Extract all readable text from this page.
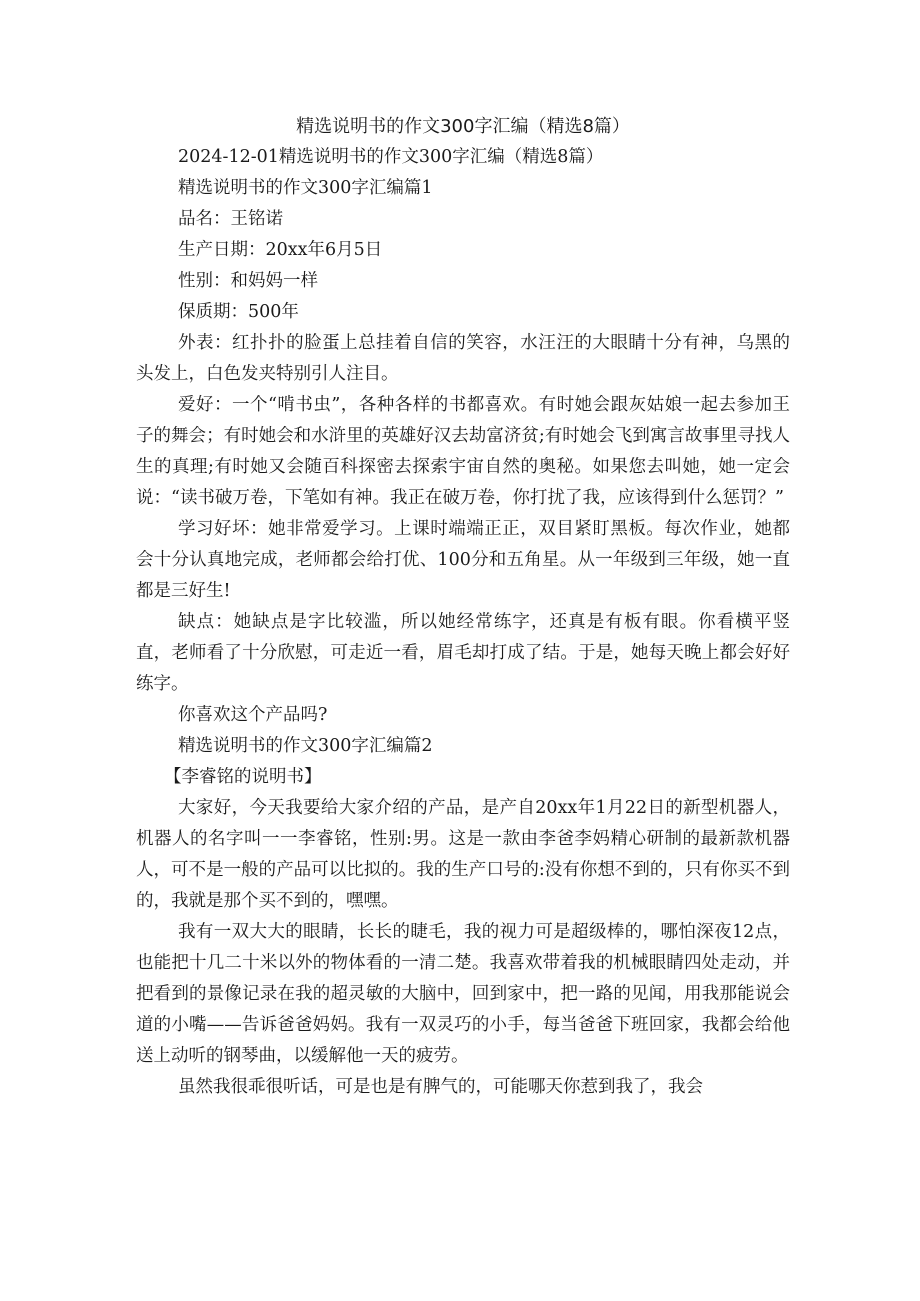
精选说明书的作文300字汇编（精选8篇）

2024-12-01精选说明书的作文300字汇编（精选8篇）

精选说明书的作文300字汇编篇1

品名：王铭诺

生产日期：20xx年6月5日

性别：和妈妈一样

保质期：500年

外表：红扑扑的脸蛋上总挂着自信的笑容，水汪汪的大眼睛十分有神，乌黑的头发上，白色发夹特别引人注目。

爱好：一个“啃书虫”，各种各样的书都喜欢。有时她会跟灰姑娘一起去参加王子的舞会；有时她会和水浒里的英雄好汉去劫富济贫;有时她会飞到寓言故事里寻找人生的真理;有时她又会随百科探密去探索宇宙自然的奥秘。如果您去叫她，她一定会说：“读书破万卷，下笔如有神。我正在破万卷，你打扰了我，应该得到什么惩罚？”

学习好坏：她非常爱学习。上课时端端正正，双目紧盯黑板。每次作业，她都会十分认真地完成，老师都会给打优、100分和五角星。从一年级到三年级，她一直都是三好生!

缺点：她缺点是字比较滥，所以她经常练字，还真是有板有眼。你看横平竖直，老师看了十分欣慰，可走近一看，眉毛却打成了结。于是，她每天晚上都会好好练字。

你喜欢这个产品吗?

精选说明书的作文300字汇编篇2

【李睿铭的说明书】

大家好，今天我要给大家介绍的产品，是产自20xx年1月22日的新型机器人，机器人的名字叫一一李睿铭，性别:男。这是一款由李爸李妈精心研制的最新款机器人，可不是一般的产品可以比拟的。我的生产口号的:没有你想不到的，只有你买不到的，我就是那个买不到的，嘿嘿。

我有一双大大的眼睛，长长的睫毛，我的视力可是超级棒的，哪怕深夜12点，也能把十几二十米以外的物体看的一清二楚。我喜欢带着我的机械眼睛四处走动，并把看到的景像记录在我的超灵敏的大脑中，回到家中，把一路的见闻，用我那能说会道的小嘴——告诉爸爸妈妈。我有一双灵巧的小手，每当爸爸下班回家，我都会给他送上动听的钢琴曲，以缓解他一天的疲劳。

虽然我很乖很听话，可是也是有脾气的，可能哪天你惹到我了，我会
